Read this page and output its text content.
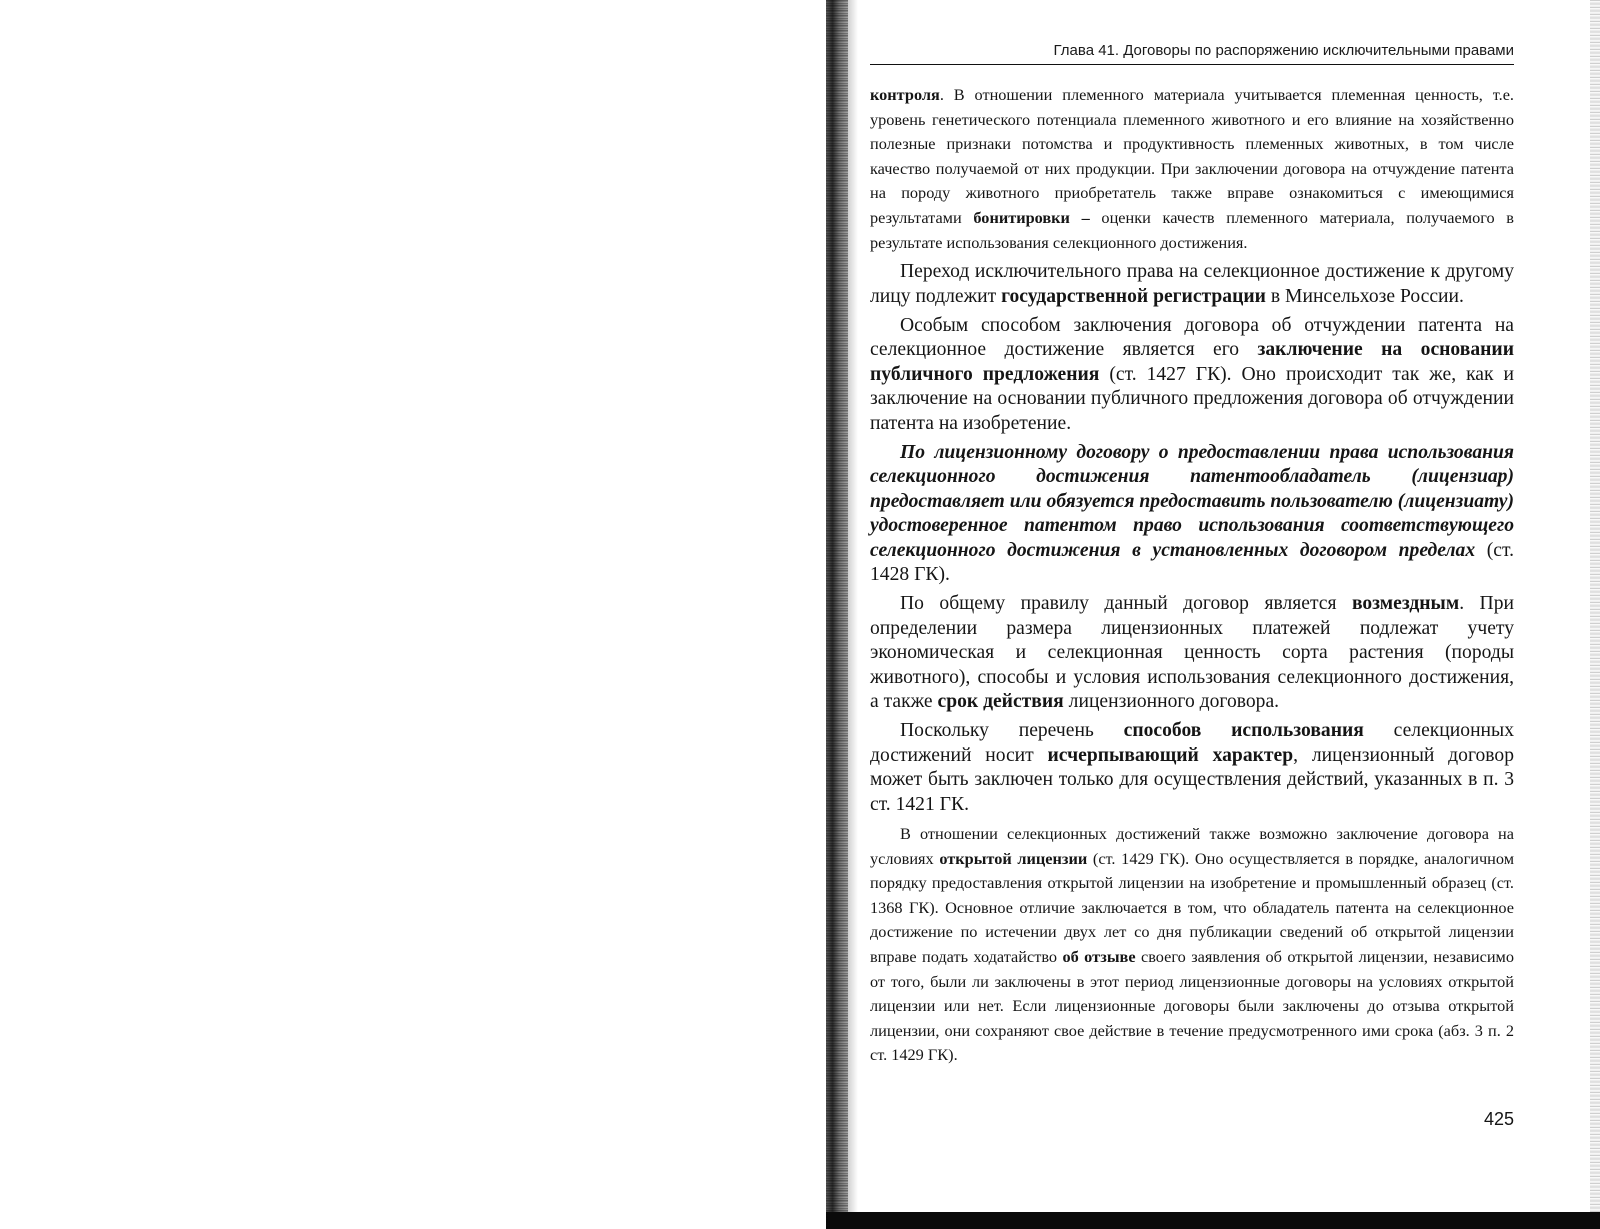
Глава 41. Договоры по распоряжению исключительными правами

контроля. В отношении племенного материала учитывается племенная ценность, т.е. уровень генетического потенциала племенного животного и его влияние на хозяйственно полезные признаки потомства и продуктивность племенных животных, в том числе качество получаемой от них продукции. При заключении договора на отчуждение патента на породу животного приобретатель также вправе ознакомиться с имеющимися результатами бонитировки – оценки качеств племенного материала, получаемого в результате использования селекционного достижения.

Переход исключительного права на селекционное достижение к другому лицу подлежит государственной регистрации в Минсельхозе России.

Особым способом заключения договора об отчуждении патента на селекционное достижение является его заключение на основании публичного предложения (ст. 1427 ГК). Оно происходит так же, как и заключение на основании публичного предложения договора об отчуждении патента на изобретение.

По лицензионному договору о предоставлении права использования селекционного достижения патентообладатель (лицензиар) предоставляет или обязуется предоставить пользователю (лицензиату) удостоверенное патентом право использования соответствующего селекционного достижения в установленных договором пределах (ст. 1428 ГК).

По общему правилу данный договор является возмездным. При определении размера лицензионных платежей подлежат учету экономическая и селекционная ценность сорта растения (породы животного), способы и условия использования селекционного достижения, а также срок действия лицензионного договора.

Поскольку перечень способов использования селекционных достижений носит исчерпывающий характер, лицензионный договор может быть заключен только для осуществления действий, указанных в п. 3 ст. 1421 ГК.

В отношении селекционных достижений также возможно заключение договора на условиях открытой лицензии (ст. 1429 ГК). Оно осуществляется в порядке, аналогичном порядку предоставления открытой лицензии на изобретение и промышленный образец (ст. 1368 ГК). Основное отличие заключается в том, что обладатель патента на селекционное достижение по истечении двух лет со дня публикации сведений об открытой лицензии вправе подать ходатайство об отзыве своего заявления об открытой лицензии, независимо от того, были ли заключены в этот период лицензионные договоры на условиях открытой лицензии или нет. Если лицензионные договоры были заключены до отзыва открытой лицензии, они сохраняют свое действие в течение предусмотренного ими срока (абз. 3 п. 2 ст. 1429 ГК).

425
